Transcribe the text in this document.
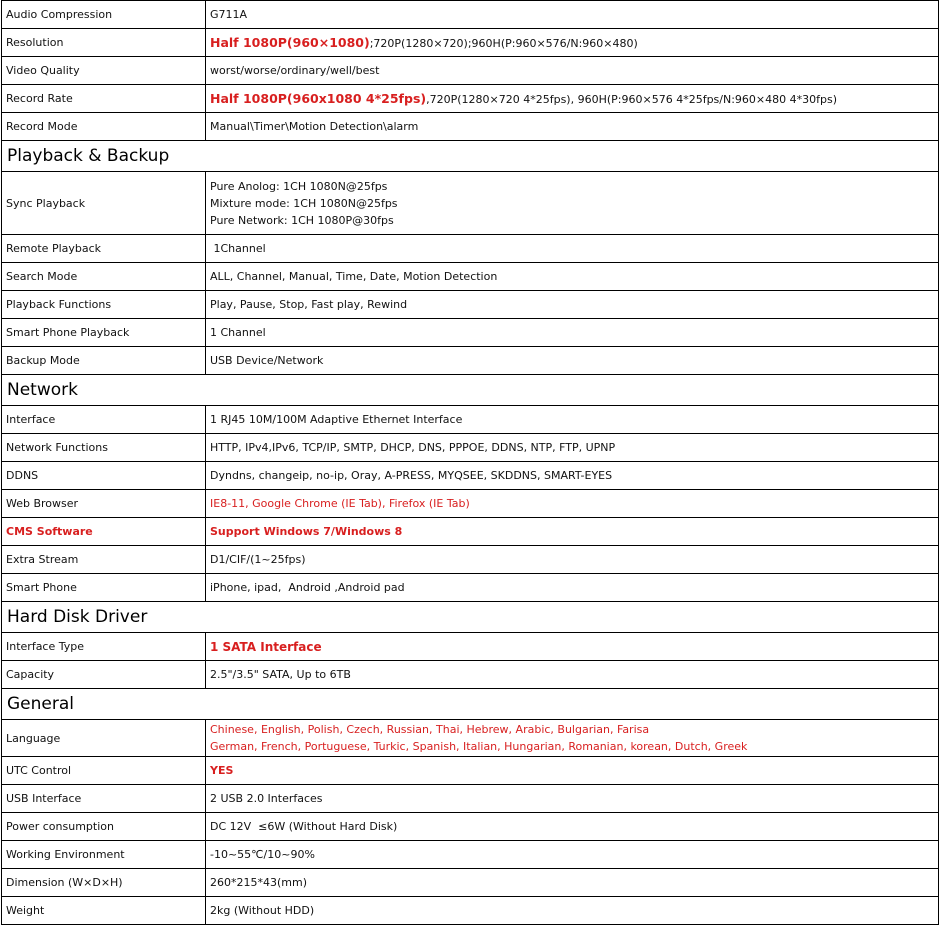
Audio Compression	G711A
Resolution	Half 1080P(960×1080);720P(1280×720);960H(P:960×576/N:960×480)
Video Quality	worst/worse/ordinary/well/best
Record Rate	Half 1080P(960x1080 4*25fps),720P(1280×720 4*25fps), 960H(P:960×576 4*25fps/N:960×480 4*30fps)
Record Mode	Manual\Timer\Motion Detection\alarm
Playback & Backup	
Sync Playback	Pure Anolog: 1CH 1080N@25fps
Mixture mode: 1CH 1080N@25fps
Pure Network: 1CH 1080P@30fps

Remote Playback	1Channel
Search Mode	ALL, Channel, Manual, Time, Date, Motion Detection
Playback Functions	Play, Pause, Stop, Fast play, Rewind
Smart Phone Playback	1 Channel
Backup Mode	USB Device/Network
Network	
Interface	1 RJ45 10M/100M Adaptive Ethernet Interface
Network Functions	HTTP, IPv4,IPv6, TCP/IP, SMTP, DHCP, DNS, PPPOE, DDNS, NTP, FTP, UPNP
DDNS	Dyndns, changeip, no-ip, Oray, A-PRESS, MYQSEE, SKDDNS, SMART-EYES
Web Browser	IE8-11, Google Chrome (IE Tab), Firefox (IE Tab)
CMS Software	Support Windows 7/Windows 8
Extra Stream	D1/CIF/(1~25fps)
Smart Phone	iPhone, ipad,  Android ,Android pad
Hard Disk Driver	
Interface Type	1 SATA Interface
Capacity	2.5"/3.5" SATA, Up to 6TB
General	
Language	Chinese, English, Polish, Czech, Russian, Thai, Hebrew, Arabic, Bulgarian, Farisa
German, French, Portuguese, Turkic, Spanish, Italian, Hungarian, Romanian, korean, Dutch, Greek

UTC Control	YES
USB Interface	2 USB 2.0 Interfaces
Power consumption	DC 12V  ≤6W (Without Hard Disk)
Working Environment	-10~55℃/10~90%
Dimension (W×D×H)	260*215*43(mm)
Weight	2kg (Without HDD)
